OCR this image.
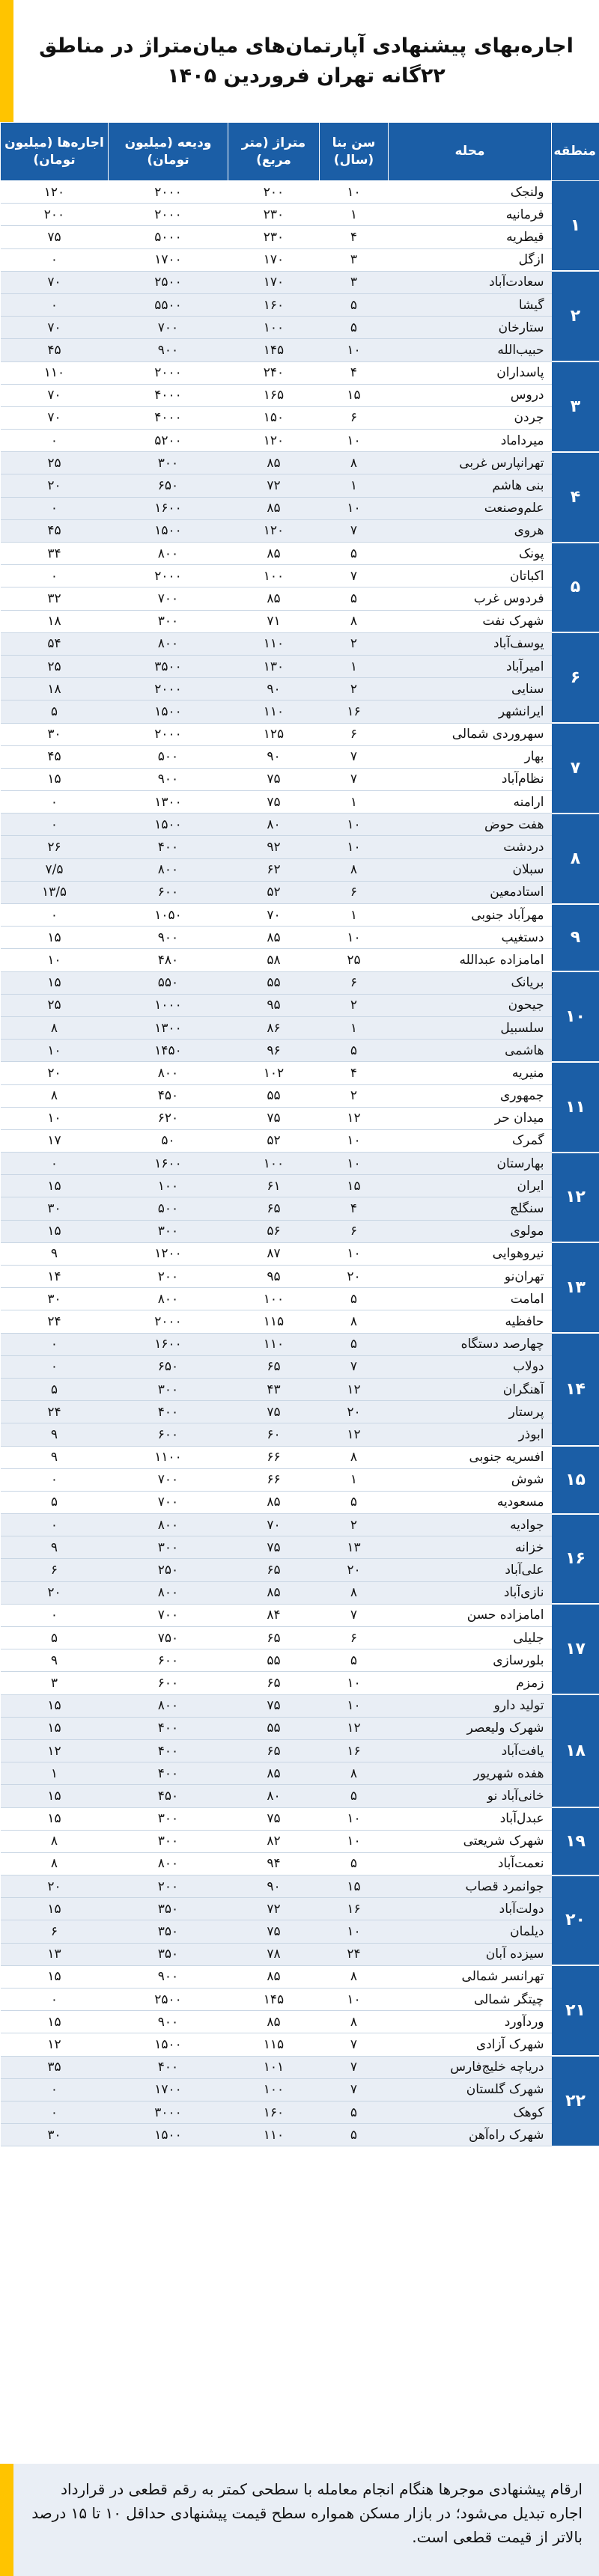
اجاره‌بهای پیشنهادی آپارتمان‌های میان‌متراژ در مناطق ۲۲گانه تهران فروردین ۱۴۰۵
منطقه	محله	سن بنا (سال)	متراژ (متر مربع)	ودیعه (میلیون تومان)	اجاره‌ها (میلیون تومان)
۱	ولنجک	۱۰	۲۰۰	۲۰۰۰	۱۲۰
	فرمانیه	۱	۲۳۰	۲۰۰۰	۲۰۰
	قیطریه	۴	۲۳۰	۵۰۰۰	۷۵
	ازگل	۳	۱۷۰	۱۷۰۰	۰
۲	سعادت‌آباد	۳	۱۷۰	۲۵۰۰	۷۰
	گیشا	۵	۱۶۰	۵۵۰۰	۰
	ستارخان	۵	۱۰۰	۷۰۰	۷۰
	حبیب‌الله	۱۰	۱۴۵	۹۰۰	۴۵
۳	پاسداران	۴	۲۴۰	۲۰۰۰	۱۱۰
	دروس	۱۵	۱۶۵	۴۰۰۰	۷۰
	جردن	۶	۱۵۰	۴۰۰۰	۷۰
	میرداماد	۱۰	۱۲۰	۵۲۰۰	۰
۴	تهرانپارس غربی	۸	۸۵	۳۰۰	۲۵
	بنی هاشم	۱	۷۲	۶۵۰	۲۰
	علم‌وصنعت	۱۰	۸۵	۱۶۰۰	۰
	هروی	۷	۱۲۰	۱۵۰۰	۴۵
۵	پونک	۵	۸۵	۸۰۰	۳۴
	اکباتان	۷	۱۰۰	۲۰۰۰	۰
	فردوس غرب	۵	۸۵	۷۰۰	۳۲
	شهرک نفت	۸	۷۱	۳۰۰	۱۸
۶	یوسف‌آباد	۲	۱۱۰	۸۰۰	۵۴
	امیرآباد	۱	۱۳۰	۳۵۰۰	۲۵
	سنایی	۲	۹۰	۲۰۰۰	۱۸
	ایرانشهر	۱۶	۱۱۰	۱۵۰۰	۵
۷	سهروردی شمالی	۶	۱۲۵	۲۰۰۰	۳۰
	بهار	۷	۹۰	۵۰۰	۴۵
	نظام‌آباد	۷	۷۵	۹۰۰	۱۵
	ارامنه	۱	۷۵	۱۳۰۰	۰
۸	هفت حوض	۱۰	۸۰	۱۵۰۰	۰
	دردشت	۱۰	۹۲	۴۰۰	۲۶
	سبلان	۸	۶۲	۸۰۰	۷/۵
	استادمعین	۶	۵۲	۶۰۰	۱۳/۵
۹	مهرآباد جنوبی	۱	۷۰	۱۰۵۰	۰
	دستغیب	۱۰	۸۵	۹۰۰	۱۵
	امامزاده عبدالله	۲۵	۵۸	۴۸۰	۱۰
۱۰	بریانک	۶	۵۵	۵۵۰	۱۵
	جیحون	۲	۹۵	۱۰۰۰	۲۵
	سلسبیل	۱	۸۶	۱۳۰۰	۸
	هاشمی	۵	۹۶	۱۴۵۰	۱۰
۱۱	منیریه	۴	۱۰۲	۸۰۰	۲۰
	جمهوری	۲	۵۵	۴۵۰	۸
	میدان حر	۱۲	۷۵	۶۲۰	۱۰
	گمرک	۱۰	۵۲	۵۰	۱۷
۱۲	بهارستان	۱۰	۱۰۰	۱۶۰۰	۰
	ایران	۱۵	۶۱	۱۰۰	۱۵
	سنگلج	۴	۶۵	۵۰۰	۳۰
	مولوی	۶	۵۶	۳۰۰	۱۵
۱۳	نیروهوایی	۱۰	۸۷	۱۲۰۰	۹
	تهران‌نو	۲۰	۹۵	۲۰۰	۱۴
	امامت	۵	۱۰۰	۸۰۰	۳۰
	حافظیه	۸	۱۱۵	۲۰۰۰	۲۴
۱۴	چهارصد دستگاه	۵	۱۱۰	۱۶۰۰	۰
	دولاب	۷	۶۵	۶۵۰	۰
	آهنگران	۱۲	۴۳	۳۰۰	۵
	پرستار	۲۰	۷۵	۴۰۰	۲۴
	ابوذر	۱۲	۶۰	۶۰۰	۹
۱۵	افسریه جنوبی	۸	۶۶	۱۱۰۰	۹
	شوش	۱	۶۶	۷۰۰	۰
	مسعودیه	۵	۸۵	۷۰۰	۵
۱۶	جوادیه	۲	۷۰	۸۰۰	۰
	خزانه	۱۳	۷۵	۳۰۰	۹
	علی‌آباد	۲۰	۶۵	۲۵۰	۶
	نازی‌آباد	۸	۸۵	۸۰۰	۲۰
۱۷	امامزاده حسن	۷	۸۴	۷۰۰	۰
	جلیلی	۶	۶۵	۷۵۰	۵
	بلورسازی	۵	۵۵	۶۰۰	۹
	زمزم	۱۰	۶۵	۶۰۰	۳
۱۸	تولید دارو	۱۰	۷۵	۸۰۰	۱۵
	شهرک ولیعصر	۱۲	۵۵	۴۰۰	۱۵
	یافت‌آباد	۱۶	۶۵	۴۰۰	۱۲
	هفده شهریور	۸	۸۵	۴۰۰	۱
	خانی‌آباد نو	۵	۸۰	۴۵۰	۱۵
۱۹	عبدل‌آباد	۱۰	۷۵	۳۰۰	۱۵
	شهرک شریعتی	۱۰	۸۲	۳۰۰	۸
	نعمت‌آباد	۵	۹۴	۸۰۰	۸
۲۰	جوانمرد قصاب	۱۵	۹۰	۲۰۰	۲۰
	دولت‌آباد	۱۶	۷۲	۳۵۰	۱۵
	دیلمان	۱۰	۷۵	۳۵۰	۶
	سیزده آبان	۲۴	۷۸	۳۵۰	۱۳
۲۱	تهرانسر شمالی	۸	۸۵	۹۰۰	۱۵
	چیتگر شمالی	۱۰	۱۴۵	۲۵۰۰	۰
	وردآورد	۸	۸۵	۹۰۰	۱۵
	شهرک آزادی	۷	۱۱۵	۱۵۰۰	۱۲
۲۲	دریاچه خلیج‌فارس	۷	۱۰۱	۴۰۰	۳۵
	شهرک گلستان	۷	۱۰۰	۱۷۰۰	۰
	کوهک	۵	۱۶۰	۳۰۰۰	۰
	شهرک راه‌آهن	۵	۱۱۰	۱۵۰۰	۳۰
ارقام پیشنهادی موجرها هنگام انجام معامله با سطحی کمتر به رقم قطعی در قرارداد اجاره تبدیل می‌شود؛ در بازار مسکن همواره سطح قیمت پیشنهادی حداقل ۱۰ تا ۱۵ درصد بالاتر از قیمت قطعی است.
